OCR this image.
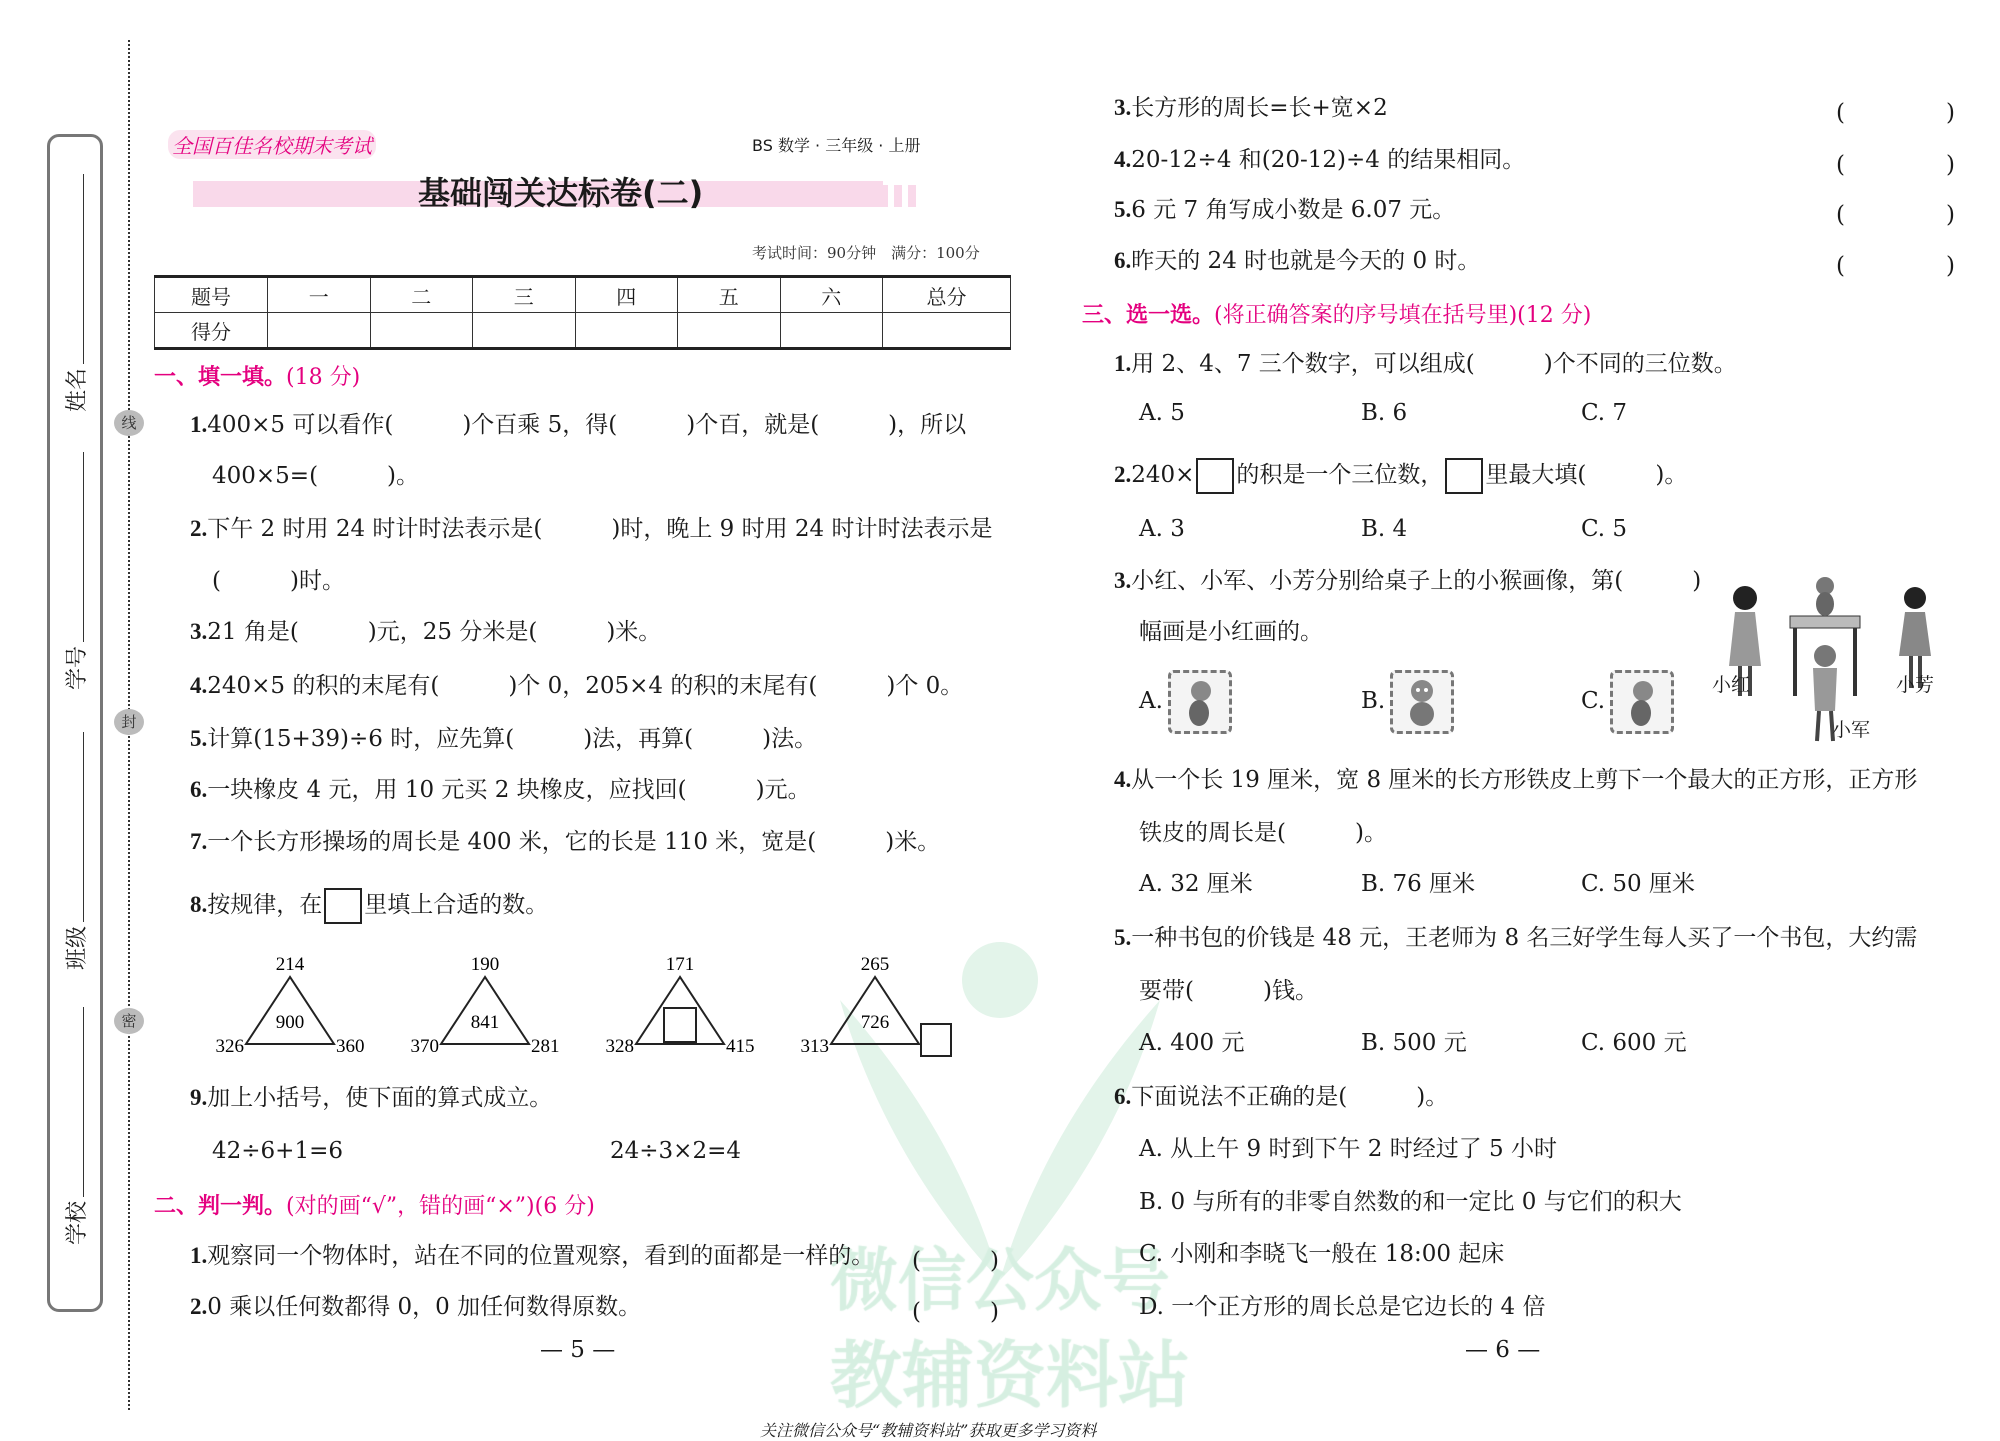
线
封
密
姓名
学号
班级
学校
全国百佳名校期末考试	BS 数学 · 三年级 · 上册
基础闯关达标卷(二)
考试时间：90分钟　满分：100分
题号	一	二	三	四	五	六	总分
得分							
一、填一填。(18 分)
8.按规律，在 里填上合适的数。
214
326	360
900
190
370	281
841
171
328	415
265
313
726
9.加上小括号，使下面的算式成立。
42÷6+1=6	24÷3×2=4
二、判一判。(对的画“√”，错的画“×”)(6 分)
— 5 —
三、选一选。(将正确答案的序号填在括号里)(12 分)
2.240× 的积是一个三位数， 里最大填(　　　)。
A.	B.	C.
小红	小芳
小军
— 6 —
关注微信公众号“教辅资料站”获取更多学习资料
1.400×5 可以看作(　　　)个百乘 5，得(　　　)个百，就是(　　　)，所以
400×5=(　　　)。
2.下午 2 时用 24 时计时法表示是(　　　)时，晚上 9 时用 24 时计时法表示是
(　　　)时。
3.21 角是(　　　)元，25 分米是(　　　)米。
4.240×5 的积的末尾有(　　　)个 0，205×4 的积的末尾有(　　　)个 0。
5.计算(15+39)÷6 时，应先算(　　　)法，再算(　　　)法。
6.一块橡皮 4 元，用 10 元买 2 块橡皮，应找回(　　　)元。
7.一个长方形操场的周长是 400 米，它的长是 110 米，宽是(　　　)米。
1.观察同一个物体时，站在不同的位置观察，看到的面都是一样的。 (　　　)
2.0 乘以任何数都得 0，0 加任何数得原数。	(　　　)
3.长方形的周长=长+宽×2	(　　　)
4.20-12÷4 和(20-12)÷4 的结果相同。	(　　　)
5.6 元 7 角写成小数是 6.07 元。	(　　　)
6.昨天的 24 时也就是今天的 0 时。	(　　　)
1.用 2、4、7 三个数字，可以组成(　　　)个不同的三位数。
3.小红、小军、小芳分别给桌子上的小猴画像，第(　　　)
幅画是小红画的。
4.从一个长 19 厘米，宽 8 厘米的长方形铁皮上剪下一个最大的正方形，正方形
铁皮的周长是(　　　)。
5.一种书包的价钱是 48 元，王老师为 8 名三好学生每人买了一个书包，大约需
要带(　　　)钱。
6.下面说法不正确的是(　　　)。
A. 5	B. 6	C. 7
A. 3	B. 4	C. 5
A. 32 厘米	B. 76 厘米	C. 50 厘米
A. 400 元	B. 500 元	C. 600 元
A. 从上午 9 时到下午 2 时经过了 5 小时
B. 0 与所有的非零自然数的和一定比 0 与它们的积大
C. 小刚和李晓飞一般在 18:00 起床
D. 一个正方形的周长总是它边长的 4 倍
